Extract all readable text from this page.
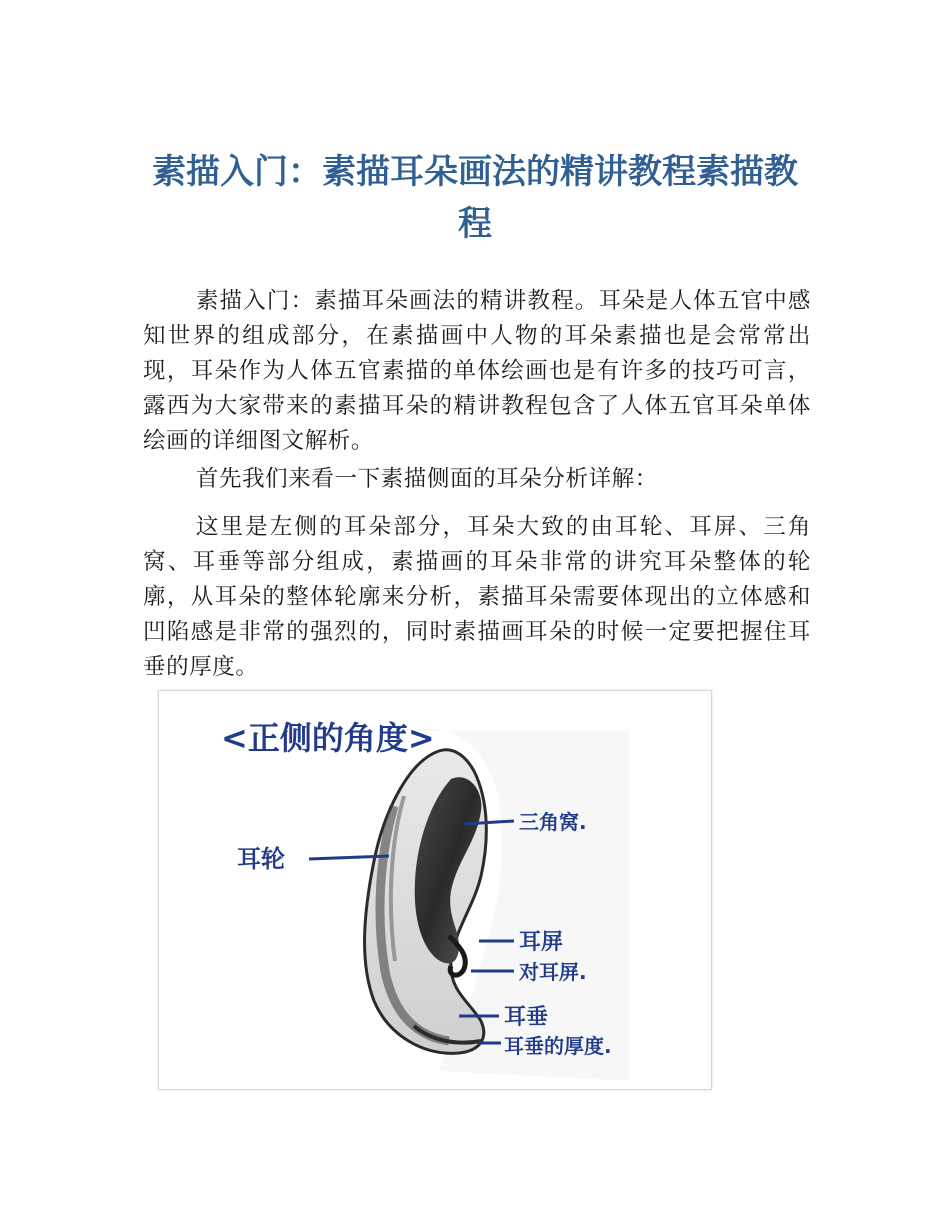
素描入门：素描耳朵画法的精讲教程素描教程

素描入门：素描耳朵画法的精讲教程。耳朵是人体五官中感知世界的组成部分，在素描画中人物的耳朵素描也是会常常出现，耳朵作为人体五官素描的单体绘画也是有许多的技巧可言，露西为大家带来的素描耳朵的精讲教程包含了人体五官耳朵单体绘画的详细图文解析。

首先我们来看一下素描侧面的耳朵分析详解：

这里是左侧的耳朵部分，耳朵大致的由耳轮、耳屏、三角窝、耳垂等部分组成，素描画的耳朵非常的讲究耳朵整体的轮廓，从耳朵的整体轮廓来分析，素描耳朵需要体现出的立体感和凹陷感是非常的强烈的，同时素描画耳朵的时候一定要把握住耳垂的厚度。

<正侧的角度>
耳轮
三角窝.
耳屏
对耳屏.
耳垂
耳垂的厚度.
